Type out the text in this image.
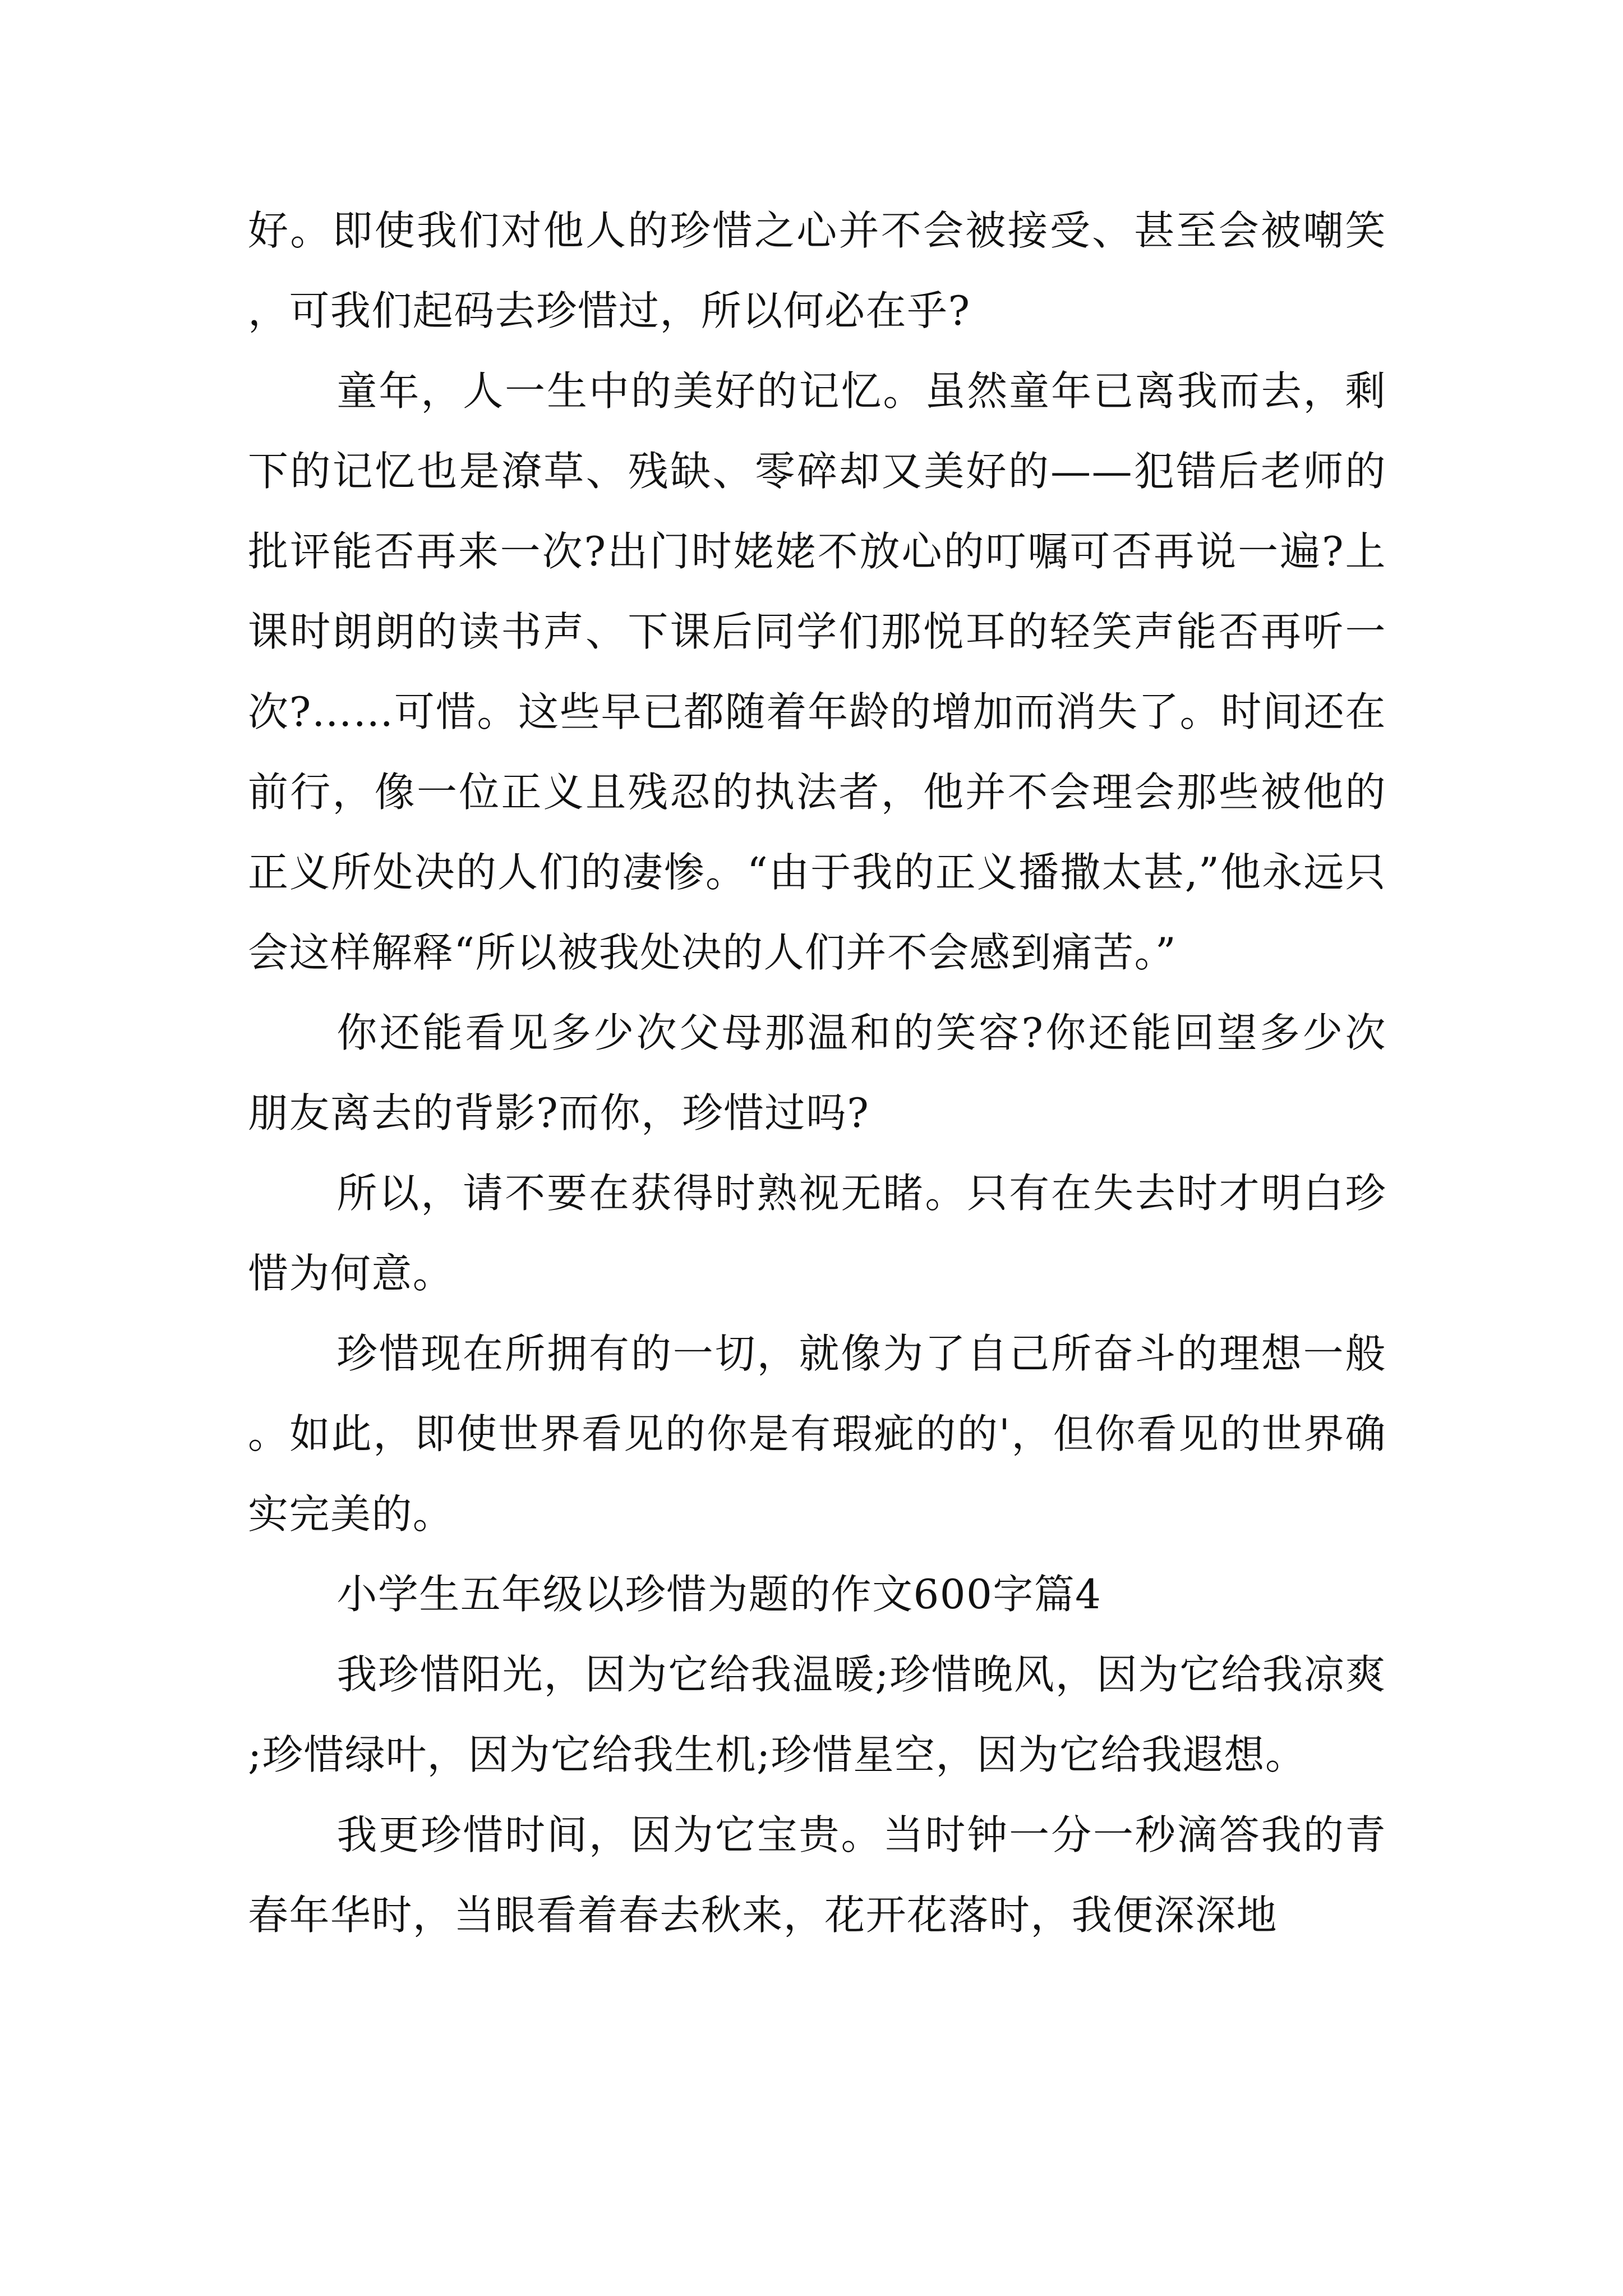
好。即使我们对他人的珍惜之心并不会被接受、甚至会被嘲笑，可我们起码去珍惜过，所以何必在乎?

童年，人一生中的美好的记忆。虽然童年已离我而去，剩下的记忆也是潦草、残缺、零碎却又美好的——犯错后老师的批评能否再来一次?出门时姥姥不放心的叮嘱可否再说一遍?上课时朗朗的读书声、下课后同学们那悦耳的轻笑声能否再听一次?……可惜。这些早已都随着年龄的增加而消失了。时间还在前行，像一位正义且残忍的执法者，他并不会理会那些被他的正义所处决的人们的凄惨。“由于我的正义播撒太甚,”他永远只会这样解释“所以被我处决的人们并不会感到痛苦。”

你还能看见多少次父母那温和的笑容?你还能回望多少次朋友离去的背影?而你，珍惜过吗?

所以，请不要在获得时熟视无睹。只有在失去时才明白珍惜为何意。

珍惜现在所拥有的一切，就像为了自己所奋斗的理想一般。如此，即使世界看见的你是有瑕疵的的'，但你看见的世界确实完美的。

小学生五年级以珍惜为题的作文600字篇4

我珍惜阳光，因为它给我温暖;珍惜晚风，因为它给我凉爽;珍惜绿叶，因为它给我生机;珍惜星空，因为它给我遐想。

我更珍惜时间，因为它宝贵。当时钟一分一秒滴答我的青春年华时，当眼看着春去秋来，花开花落时，我便深深地
